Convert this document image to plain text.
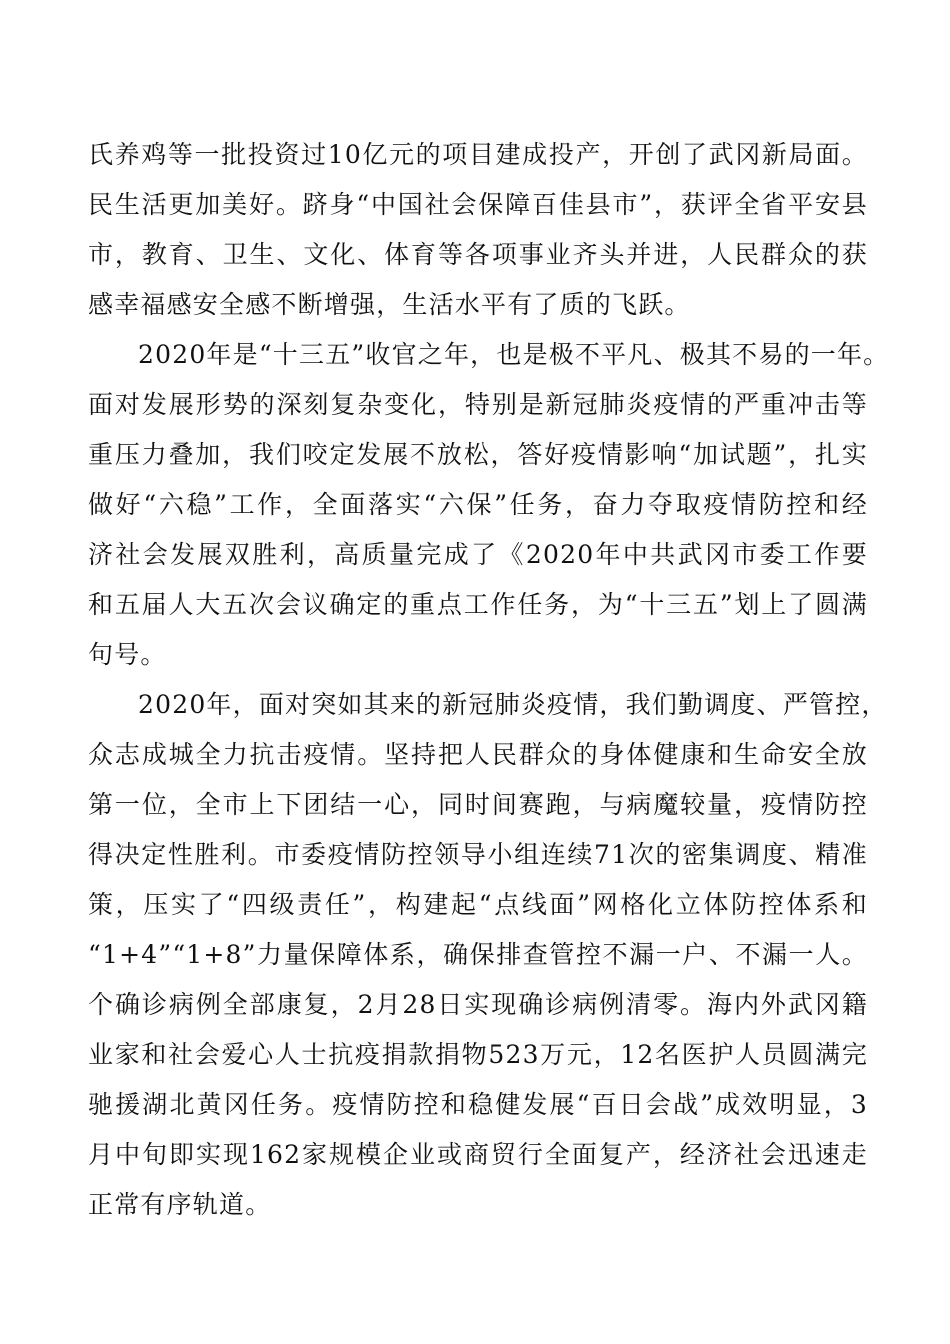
氏养鸡等一批投资过10亿元的项目建成投产，开创了武冈新局面。
民生活更加美好。跻身“中国社会保障百佳县市”，获评全省平安县
市，教育、卫生、文化、体育等各项事业齐头并进，人民群众的获
感幸福感安全感不断增强，生活水平有了质的飞跃。
2020年是“十三五”收官之年，也是极不平凡、极其不易的一年。
面对发展形势的深刻复杂变化，特别是新冠肺炎疫情的严重冲击等
重压力叠加，我们咬定发展不放松，答好疫情影响“加试题”，扎实
做好“六稳”工作，全面落实“六保”任务，奋力夺取疫情防控和经
济社会发展双胜利，高质量完成了《2020年中共武冈市委工作要
和五届人大五次会议确定的重点工作任务，为“十三五”划上了圆满
句号。
2020年，面对突如其来的新冠肺炎疫情，我们勤调度、严管控，
众志成城全力抗击疫情。坚持把人民群众的身体健康和生命安全放
第一位，全市上下团结一心，同时间赛跑，与病魔较量，疫情防控
得决定性胜利。市委疫情防控领导小组连续71次的密集调度、精准
策，压实了“四级责任”，构建起“点线面”网格化立体防控体系和
“1+4”“1+8”力量保障体系，确保排查管控不漏一户、不漏一人。
个确诊病例全部康复，2月28日实现确诊病例清零。海内外武冈籍
业家和社会爱心人士抗疫捐款捐物523万元，12名医护人员圆满完
驰援湖北黄冈任务。疫情防控和稳健发展“百日会战”成效明显，3
月中旬即实现162家规模企业或商贸行全面复产，经济社会迅速走
正常有序轨道。
